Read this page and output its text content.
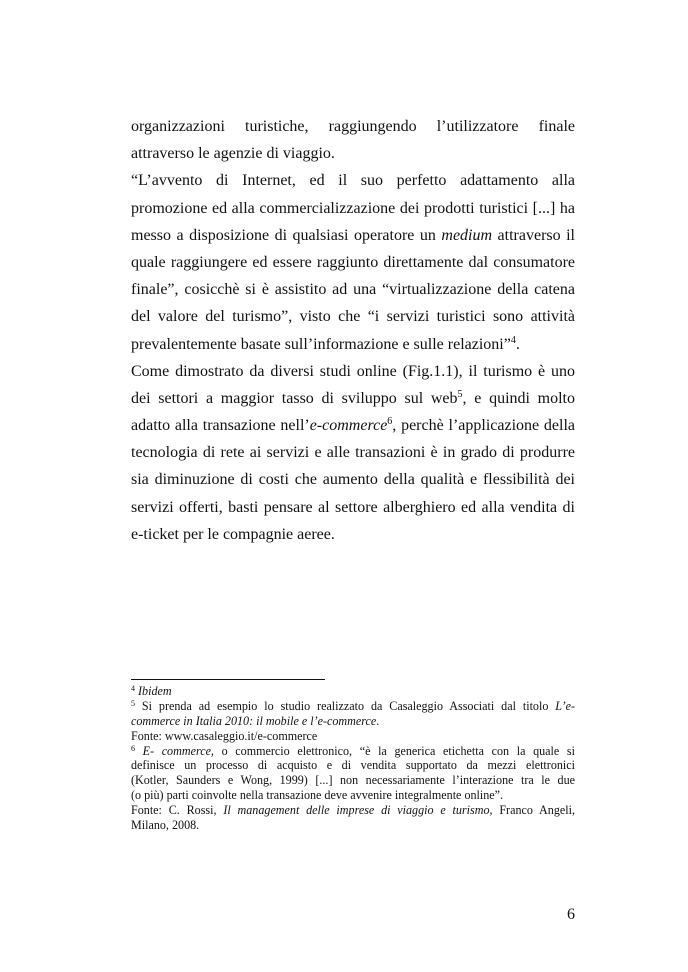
organizzazioni turistiche, raggiungendo l’utilizzatore finale
attraverso le agenzie di viaggio.
“L’avvento di Internet, ed il suo perfetto adattamento alla
promozione ed alla commercializzazione dei prodotti turistici [...] ha
messo a disposizione di qualsiasi operatore un medium attraverso il
quale raggiungere ed essere raggiunto direttamente dal consumatore
finale”, cosicchè si è assistito ad una “virtualizzazione della catena
del valore del turismo”, visto che “i servizi turistici sono attività
prevalentemente basate sull’informazione e sulle relazioni”$^4$.
Come dimostrato da diversi studi online (Fig.1.1), il turismo è uno
dei settori a maggior tasso di sviluppo sul web$^5$, e quindi molto
adatto alla transazione nell’e-commerce$^6$, perchè l’applicazione della
tecnologia di rete ai servizi e alle transazioni è in grado di produrre
sia diminuzione di costi che aumento della qualità e flessibilità dei
servizi offerti, basti pensare al settore alberghiero ed alla vendita di
e-ticket per le compagnie aeree.
$^4$ Ibidem
$^5$ Si prenda ad esempio lo studio realizzato da Casaleggio Associati dal titolo L’e-
commerce in Italia 2010: il mobile e l’e-commerce.
Fonte: www.casaleggio.it/e-commerce
$^6$ E- commerce, o commercio elettronico, “è la generica etichetta con la quale si
definisce un processo di acquisto e di vendita supportato da mezzi elettronici
(Kotler, Saunders e Wong, 1999) [...] non necessariamente l’interazione tra le due
(o più) parti coinvolte nella transazione deve avvenire integralmente online”.
Fonte: C. Rossi, Il management delle imprese di viaggio e turismo, Franco Angeli,
Milano, 2008.
6
